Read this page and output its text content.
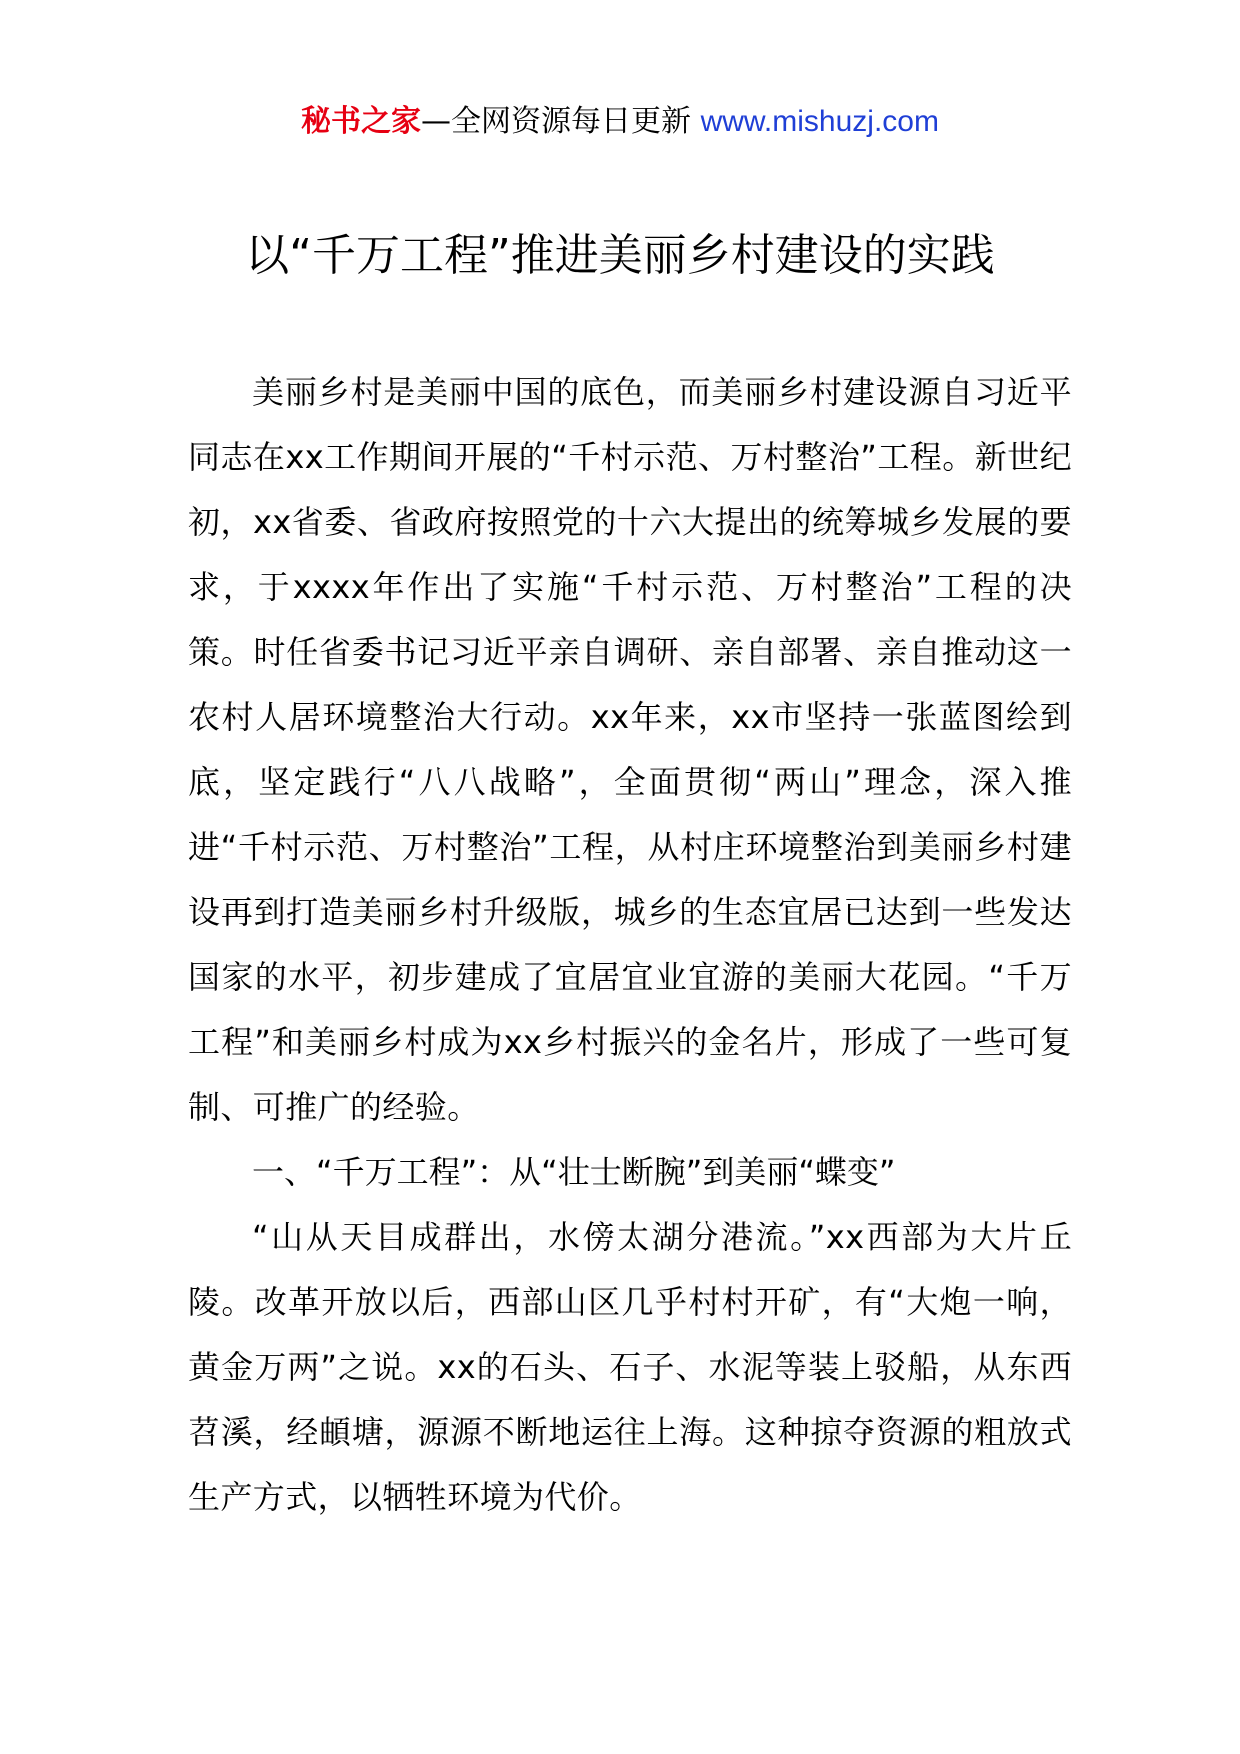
秘书之家—全网资源每日更新 www.mishuzj.com
以“千万工程”推进美丽乡村建设的实践

美丽乡村是美丽中国的底色，而美丽乡村建设源自习近平同志在xx工作期间开展的“千村示范、万村整治”工程。新世纪初，xx省委、省政府按照党的十六大提出的统筹城乡发展的要求，于xxxx年作出了实施“千村示范、万村整治”工程的决策。时任省委书记习近平亲自调研、亲自部署、亲自推动这一农村人居环境整治大行动。xx年来，xx市坚持一张蓝图绘到底，坚定践行“八八战略”，全面贯彻“两山”理念，深入推进“千村示范、万村整治”工程，从村庄环境整治到美丽乡村建设再到打造美丽乡村升级版，城乡的生态宜居已达到一些发达国家的水平，初步建成了宜居宜业宜游的美丽大花园。“千万工程”和美丽乡村成为xx乡村振兴的金名片，形成了一些可复制、可推广的经验。

一、“千万工程”：从“壮士断腕”到美丽“蝶变”

“山从天目成群出，水傍太湖分港流。”xx西部为大片丘陵。改革开放以后，西部山区几乎村村开矿，有“大炮一响，黄金万两”之说。xx的石头、石子、水泥等装上驳船，从东西苕溪，经頔塘，源源不断地运往上海。这种掠夺资源的粗放式生产方式，以牺牲环境为代价。
